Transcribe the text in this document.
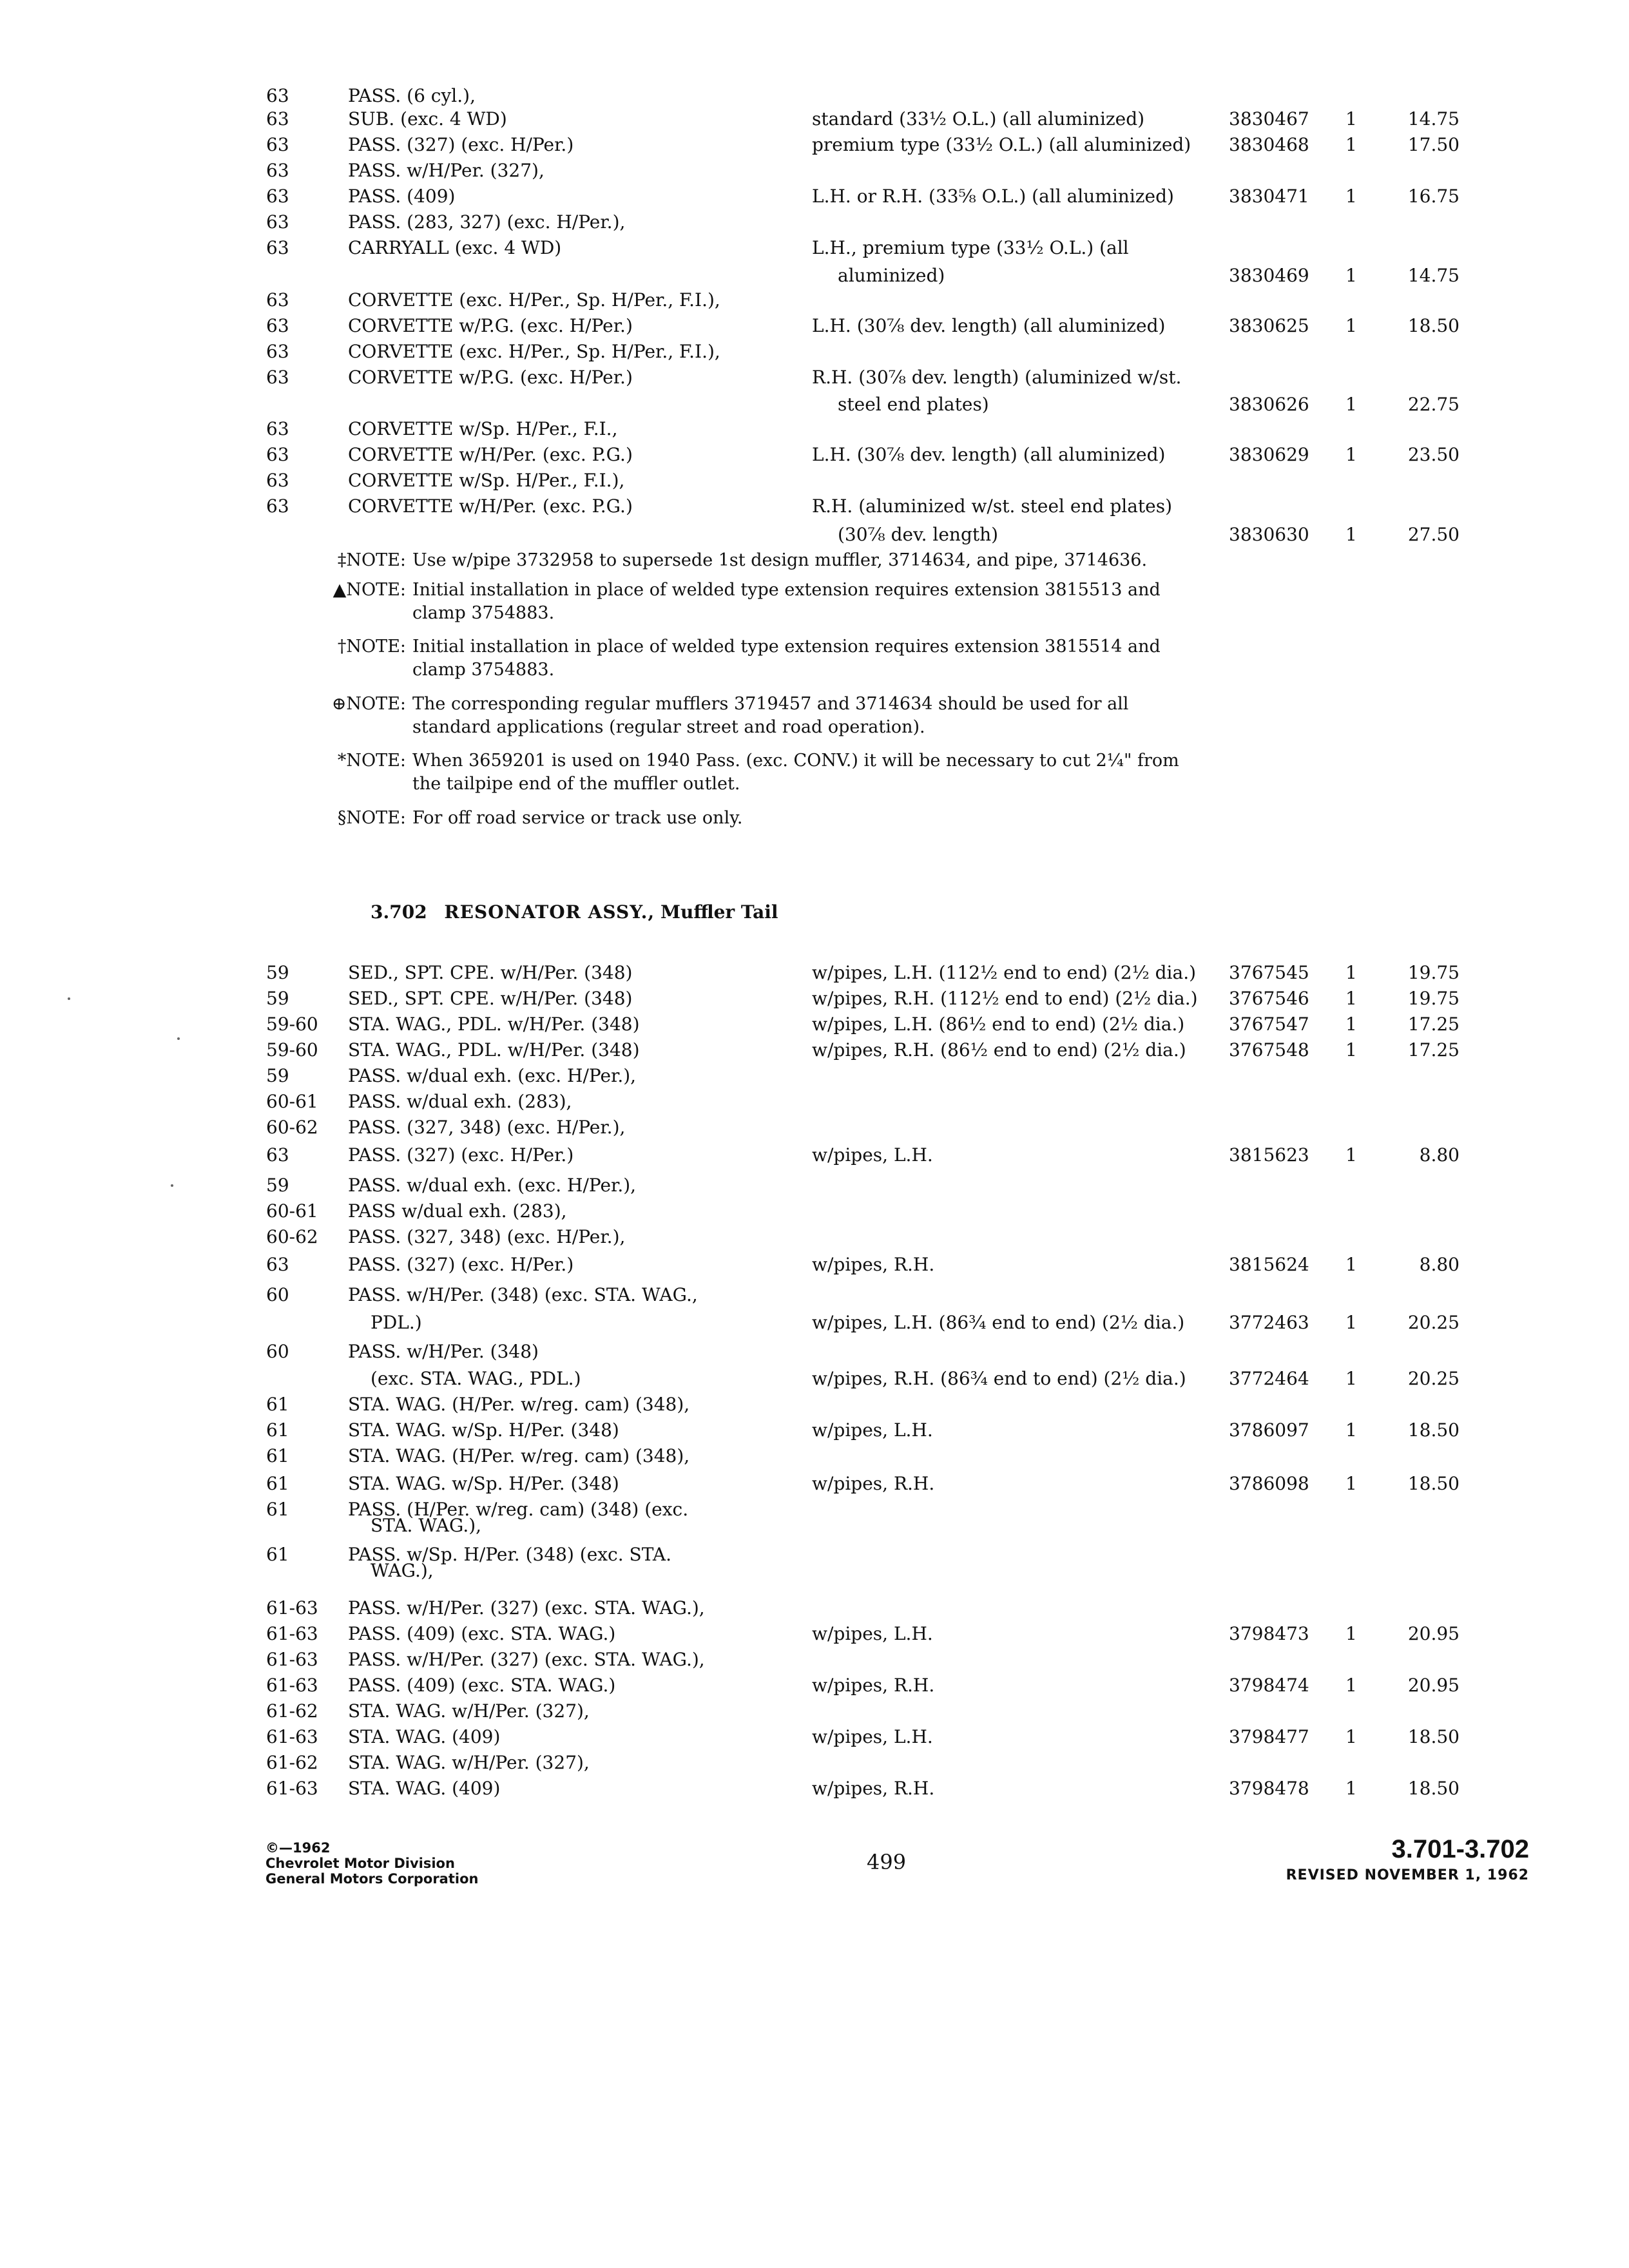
63	PASS. (6 cyl.),
63	SUB. (exc. 4 WD)	standard (33½ O.L.) (all aluminized)	3830467 1	14.75
63	PASS. (327) (exc. H/Per.)	premium type (33½ O.L.) (all aluminized) 3830468 1	17.50
63	PASS. w/H/Per. (327),
63	PASS. (409)	L.H. or R.H. (33⅝ O.L.) (all aluminized)	3830471 1	16.75
63	PASS. (283, 327) (exc. H/Per.),
63	CARRYALL (exc. 4 WD)	L.H., premium type (33½ O.L.) (all
aluminized)	3830469 1	14.75
63	CORVETTE (exc. H/Per., Sp. H/Per., F.I.),
63	CORVETTE w/P.G. (exc. H/Per.)	L.H. (30⅞ dev. length) (all aluminized)	3830625 1	18.50
63	CORVETTE (exc. H/Per., Sp. H/Per., F.I.),
63	CORVETTE w/P.G. (exc. H/Per.)	R.H. (30⅞ dev. length) (aluminized w/st.
steel end plates)	3830626 1	22.75
63	CORVETTE w/Sp. H/Per., F.I.,
63	CORVETTE w/H/Per. (exc. P.G.)	L.H. (30⅞ dev. length) (all aluminized)	3830629 1	23.50
63	CORVETTE w/Sp. H/Per., F.I.),
63	CORVETTE w/H/Per. (exc. P.G.)	R.H. (aluminized w/st. steel end plates)
(30⅞ dev. length)	3830630 1	27.50
‡NOTE: Use w/pipe 3732958 to supersede 1st design muffler, 3714634, and pipe, 3714636.
▲NOTE: Initial installation in place of welded type extension requires extension 3815513 and clamp 3754883.
†NOTE: Initial installation in place of welded type extension requires extension 3815514 and clamp 3754883.
⊕NOTE: The corresponding regular mufflers 3719457 and 3714634 should be used for all standard applications (regular street and road operation).
*NOTE: When 3659201 is used on 1940 Pass. (exc. CONV.) it will be necessary to cut 2¼" from the tailpipe end of the muffler outlet.
§NOTE: For off road service or track use only.
3.702 RESONATOR ASSY., Muffler Tail
59	SED., SPT. CPE. w/H/Per. (348)	w/pipes, L.H. (112½ end to end) (2½ dia.) 3767545 1	19.75
59	SED., SPT. CPE. w/H/Per. (348)	w/pipes, R.H. (112½ end to end) (2½ dia.) 3767546 1	19.75
59-60 STA. WAG., PDL. w/H/Per. (348)	w/pipes, L.H. (86½ end to end) (2½ dia.) 3767547 1	17.25
59-60 STA. WAG., PDL. w/H/Per. (348)	w/pipes, R.H. (86½ end to end) (2½ dia.) 3767548 1	17.25
59	PASS. w/dual exh. (exc. H/Per.),
60-61 PASS. w/dual exh. (283),
60-62 PASS. (327, 348) (exc. H/Per.),
63	PASS. (327) (exc. H/Per.)	w/pipes, L.H.	3815623 1	8.80
59	PASS. w/dual exh. (exc. H/Per.),
60-61 PASS w/dual exh. (283),
60-62 PASS. (327, 348) (exc. H/Per.),
63	PASS. (327) (exc. H/Per.)	w/pipes, R.H.	3815624 1	8.80
60	PASS. w/H/Per. (348) (exc. STA. WAG.,
PDL.)	w/pipes, L.H. (86¾ end to end) (2½ dia.) 3772463 1	20.25
60	PASS. w/H/Per. (348)
(exc. STA. WAG., PDL.)	w/pipes, R.H. (86¾ end to end) (2½ dia.) 3772464 1	20.25
61	STA. WAG. (H/Per. w/reg. cam) (348),
61	STA. WAG. w/Sp. H/Per. (348)	w/pipes, L.H.	3786097 1	18.50
61	STA. WAG. (H/Per. w/reg. cam) (348),
61	STA. WAG. w/Sp. H/Per. (348)	w/pipes, R.H.	3786098 1	18.50
61	PASS. (H/Per. w/reg. cam) (348) (exc.
STA. WAG.),
61	PASS. w/Sp. H/Per. (348) (exc. STA.
WAG.),
61-63 PASS. w/H/Per. (327) (exc. STA. WAG.),
61-63 PASS. (409) (exc. STA. WAG.)	w/pipes, L.H.	3798473 1	20.95
61-63 PASS. w/H/Per. (327) (exc. STA. WAG.),
61-63 PASS. (409) (exc. STA. WAG.)	w/pipes, R.H.	3798474 1	20.95
61-62 STA. WAG. w/H/Per. (327),
61-63 STA. WAG. (409)	w/pipes, L.H.	3798477 1	18.50
61-62 STA. WAG. w/H/Per. (327),
61-63 STA. WAG. (409)	w/pipes, R.H.	3798478 1	18.50
©—1962
Chevrolet Motor Division
General Motors Corporation
499	3.701-3.702
REVISED NOVEMBER 1, 1962
